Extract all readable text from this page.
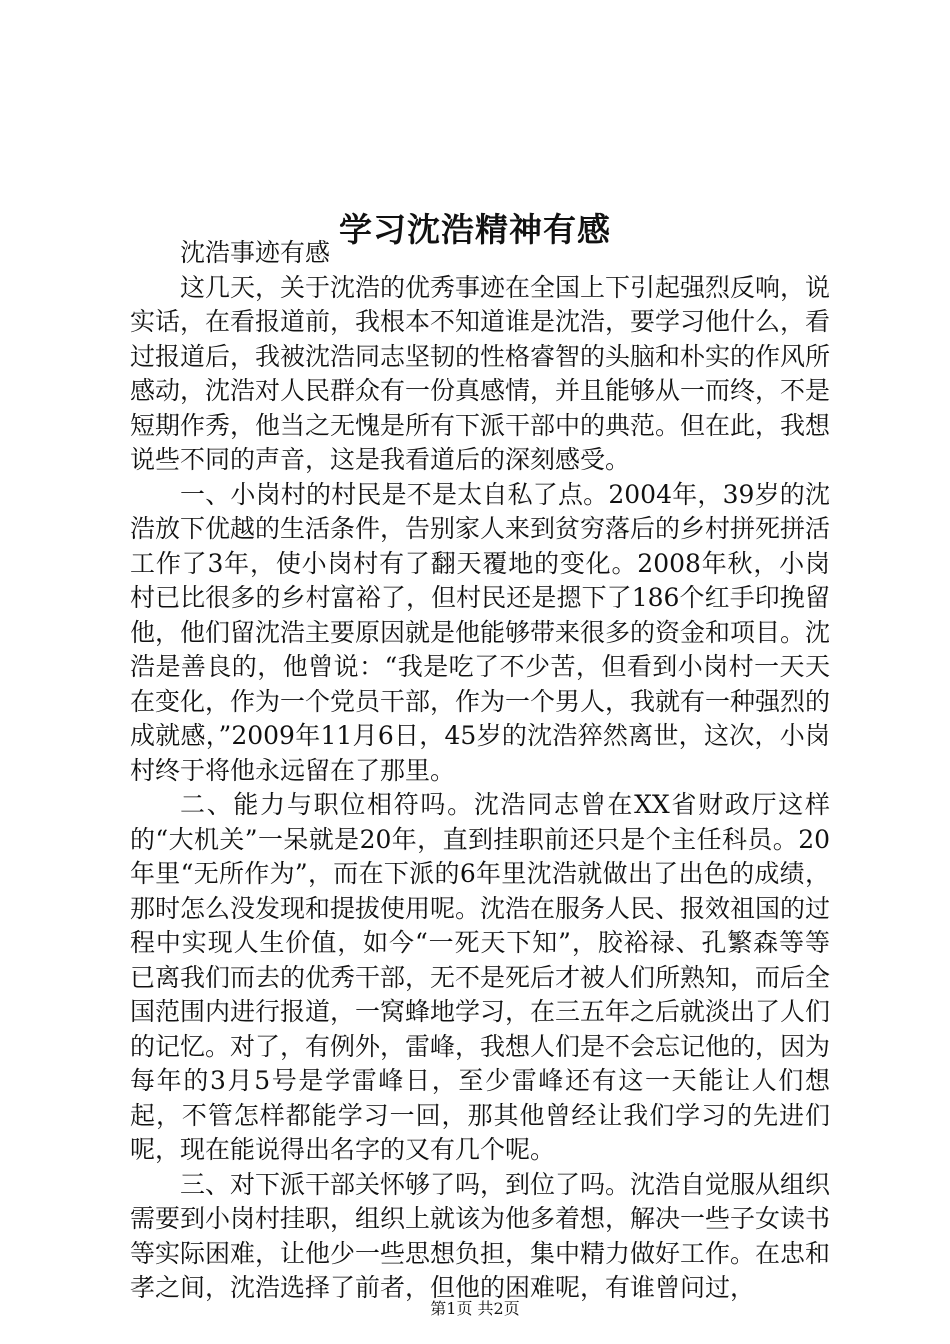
学习沈浩精神有感

沈浩事迹有感

这几天，关于沈浩的优秀事迹在全国上下引起强烈反响，说实话，在看报道前，我根本不知道谁是沈浩，要学习他什么，看过报道后，我被沈浩同志坚韧的性格睿智的头脑和朴实的作风所感动，沈浩对人民群众有一份真感情，并且能够从一而终，不是短期作秀，他当之无愧是所有下派干部中的典范。但在此，我想说些不同的声音，这是我看道后的深刻感受。

一、小岗村的村民是不是太自私了点。2004年，39岁的沈浩放下优越的生活条件，告别家人来到贫穷落后的乡村拼死拼活工作了3年，使小岗村有了翻天覆地的变化。2008年秋，小岗村已比很多的乡村富裕了，但村民还是摁下了186个红手印挽留他，他们留沈浩主要原因就是他能够带来很多的资金和项目。沈浩是善良的，他曾说：“我是吃了不少苦，但看到小岗村一天天在变化，作为一个党员干部，作为一个男人，我就有一种强烈的成就感，”2009年11月6日，45岁的沈浩猝然离世，这次，小岗村终于将他永远留在了那里。

二、能力与职位相符吗。沈浩同志曾在XX省财政厅这样的“大机关”一呆就是20年，直到挂职前还只是个主任科员。20年里“无所作为”，而在下派的6年里沈浩就做出了出色的成绩，那时怎么没发现和提拔使用呢。沈浩在服务人民、报效祖国的过程中实现人生价值，如今“一死天下知”，胶裕禄、孔繁森等等已离我们而去的优秀干部，无不是死后才被人们所熟知，而后全国范围内进行报道，一窝蜂地学习，在三五年之后就淡出了人们的记忆。对了，有例外，雷峰，我想人们是不会忘记他的，因为每年的3月5号是学雷峰日，至少雷峰还有这一天能让人们想起，不管怎样都能学习一回，那其他曾经让我们学习的先进们呢，现在能说得出名字的又有几个呢。

三、对下派干部关怀够了吗，到位了吗。沈浩自觉服从组织需要到小岗村挂职，组织上就该为他多着想，解决一些子女读书等实际困难，让他少一些思想负担，集中精力做好工作。在忠和孝之间，沈浩选择了前者，但他的困难呢，有谁曾问过，

第1页 共2页
